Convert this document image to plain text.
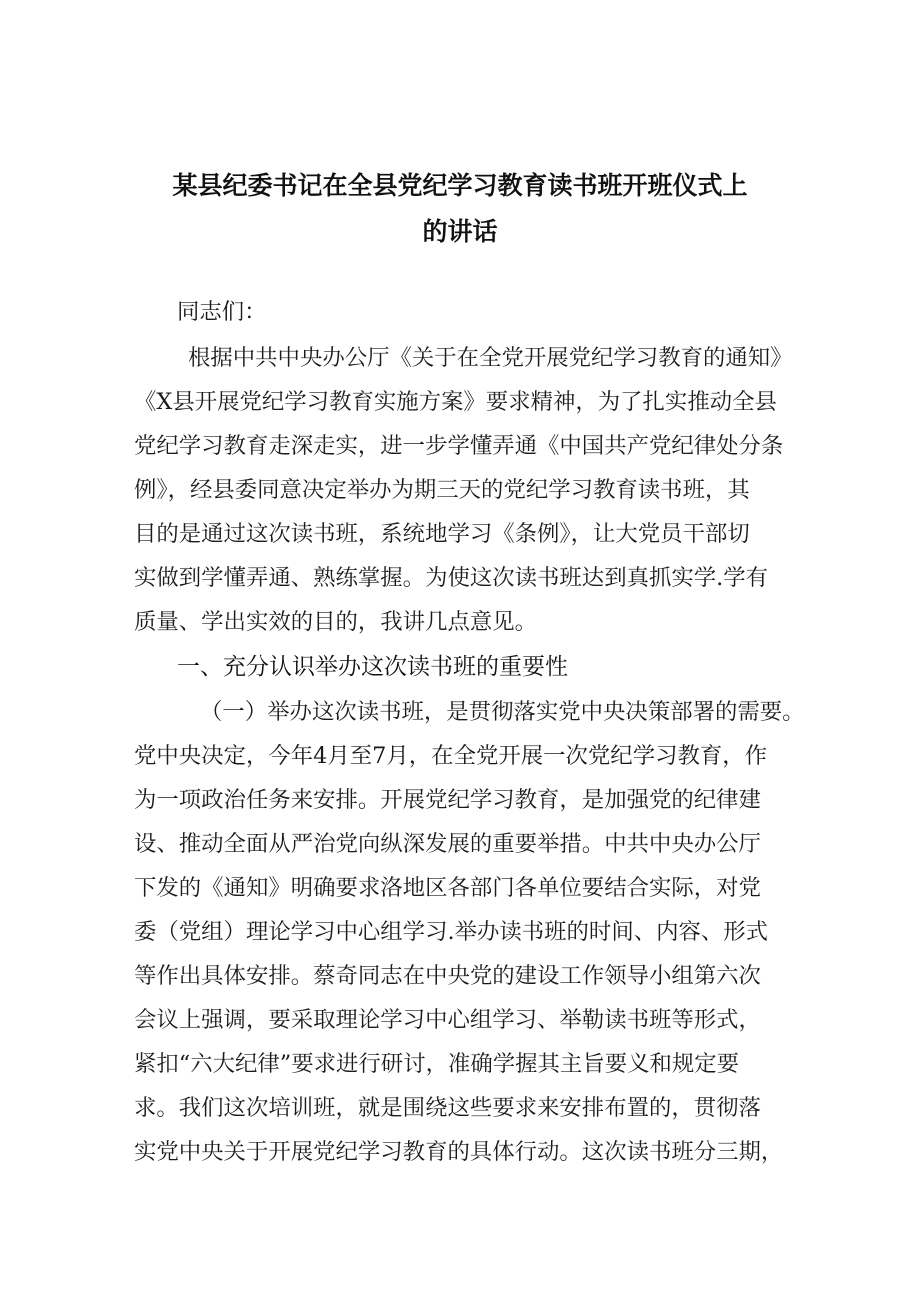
某县纪委书记在全县党纪学习教育读书班开班仪式上
的讲话
同志们：
根据中共中央办公厅《关于在全党开展党纪学习教育的通知》
《X县开展党纪学习教育实施方案》要求精神，为了扎实推动全县
党纪学习教育走深走实，进一步学懂弄通《中国共产党纪律处分条
例》，经县委同意决定举办为期三天的党纪学习教育读书班，其
目的是通过这次读书班，系统地学习《条例》，让大党员干部切
实做到学懂弄通、熟练掌握。为使这次读书班达到真抓实学.学有
质量、学出实效的目的，我讲几点意见。
一、充分认识举办这次读书班的重要性
（一）举办这次读书班，是贯彻落实党中央决策部署的需要。
党中央决定，今年4月至7月，在全党开展一次党纪学习教育，作
为一项政治任务来安排。开展党纪学习教育，是加强党的纪律建
设、推动全面从严治党向纵深发展的重要举措。中共中央办公厅
下发的《通知》明确要求洛地区各部门各单位要结合实际，对党
委（党组）理论学习中心组学习.举办读书班的时间、内容、形式
等作出具体安排。蔡奇同志在中央党的建设工作领导小组第六次
会议上强调，要采取理论学习中心组学习、举勒读书班等形式，
紧扣“六大纪律”要求进行研讨，准确学握其主旨要义和规定要
求。我们这次培训班，就是围绕这些要求来安排布置的，贯彻落
实党中央关于开展党纪学习教育的具体行动。这次读书班分三期，
